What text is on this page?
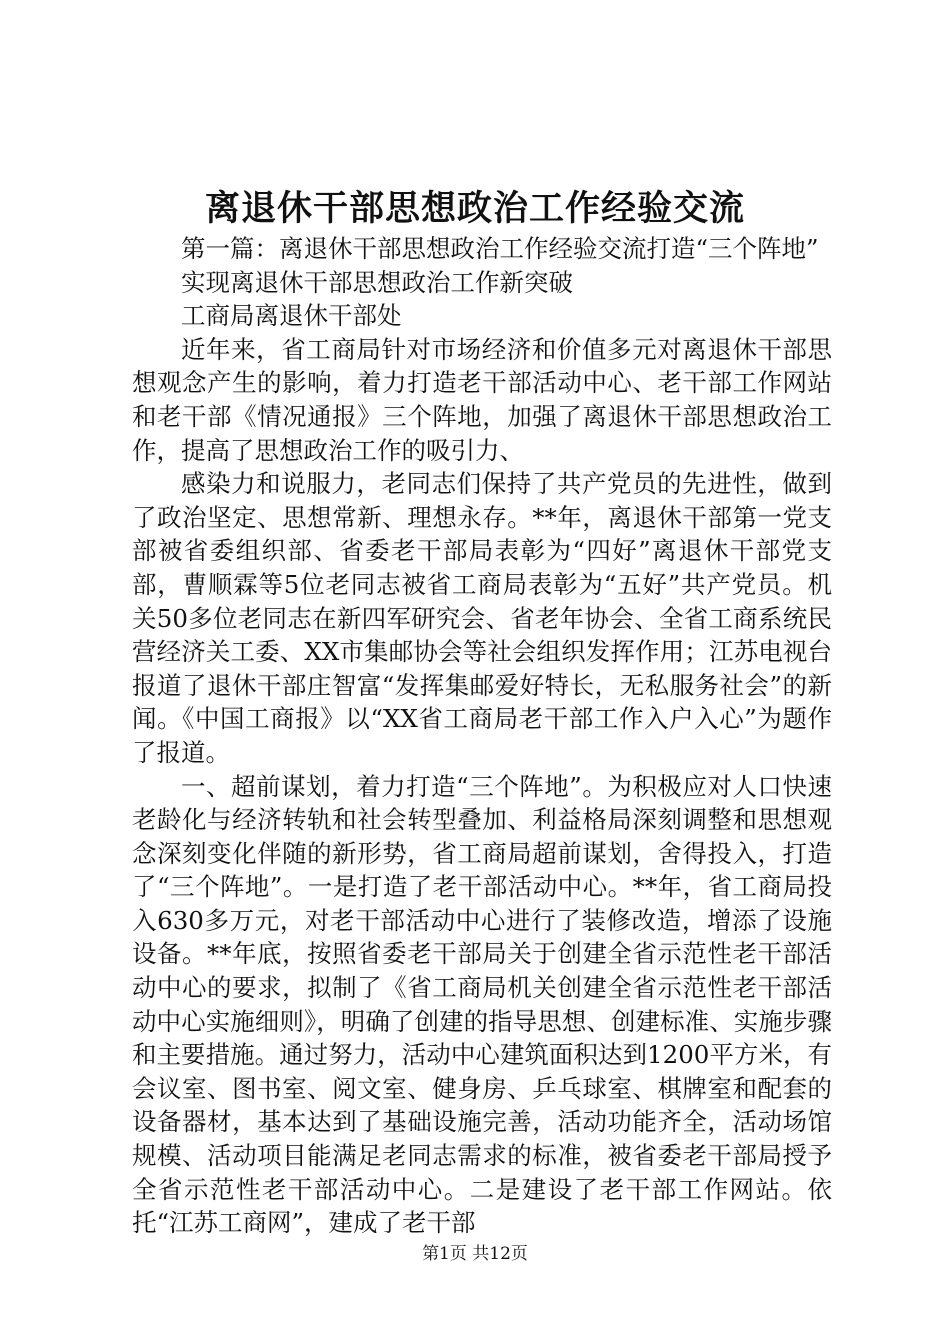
离退休干部思想政治工作经验交流

第一篇：离退休干部思想政治工作经验交流打造“三个阵地”

实现离退休干部思想政治工作新突破

工商局离退休干部处

近年来，省工商局针对市场经济和价值多元对离退休干部思想观念产生的影响，着力打造老干部活动中心、老干部工作网站和老干部《情况通报》三个阵地，加强了离退休干部思想政治工作，提高了思想政治工作的吸引力、

感染力和说服力，老同志们保持了共产党员的先进性，做到了政治坚定、思想常新、理想永存。**年，离退休干部第一党支部被省委组织部、省委老干部局表彰为“四好”离退休干部党支部，曹顺霖等5位老同志被省工商局表彰为“五好”共产党员。机关50多位老同志在新四军研究会、省老年协会、全省工商系统民营经济关工委、XX市集邮协会等社会组织发挥作用；江苏电视台报道了退休干部庄智富“发挥集邮爱好特长，无私服务社会”的新闻。《中国工商报》以“XX省工商局老干部工作入户入心”为题作了报道。

一、超前谋划，着力打造“三个阵地”。为积极应对人口快速老龄化与经济转轨和社会转型叠加、利益格局深刻调整和思想观念深刻变化伴随的新形势，省工商局超前谋划，舍得投入，打造了“三个阵地”。一是打造了老干部活动中心。**年，省工商局投入630多万元，对老干部活动中心进行了装修改造，增添了设施设备。**年底，按照省委老干部局关于创建全省示范性老干部活动中心的要求，拟制了《省工商局机关创建全省示范性老干部活动中心实施细则》，明确了创建的指导思想、创建标准、实施步骤和主要措施。通过努力，活动中心建筑面积达到1200平方米，有会议室、图书室、阅文室、健身房、乒乓球室、棋牌室和配套的设备器材，基本达到了基础设施完善，活动功能齐全，活动场馆规模、活动项目能满足老同志需求的标准，被省委老干部局授予全省示范性老干部活动中心。二是建设了老干部工作网站。依托“江苏工商网”，建成了老干部

第1页 共12页
